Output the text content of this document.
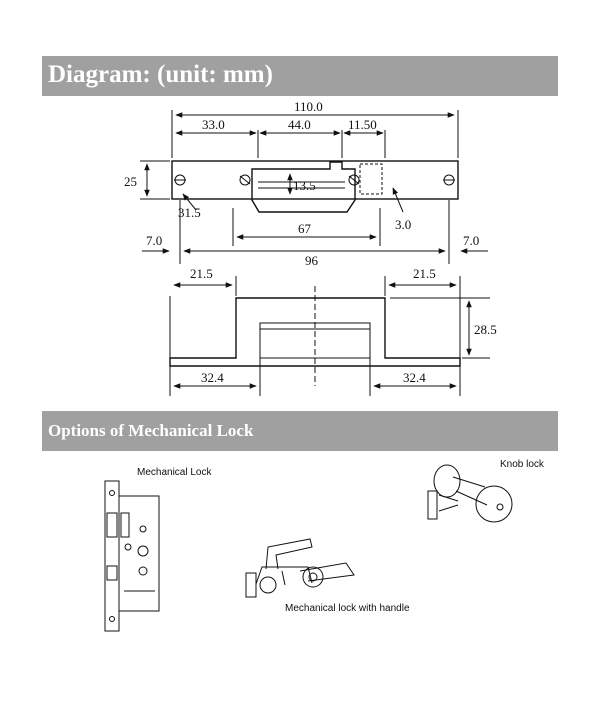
Diagram: (unit: mm)
110.0
33.0	44.0	11.50
25	13.5
31.5
3.0
67
7.0	7.0
96
21.5	21.5
28.5
32.4	32.4
Options of Mechanical Lock
Mechanical Lock
Mechanical lock with handle
Knob lock
